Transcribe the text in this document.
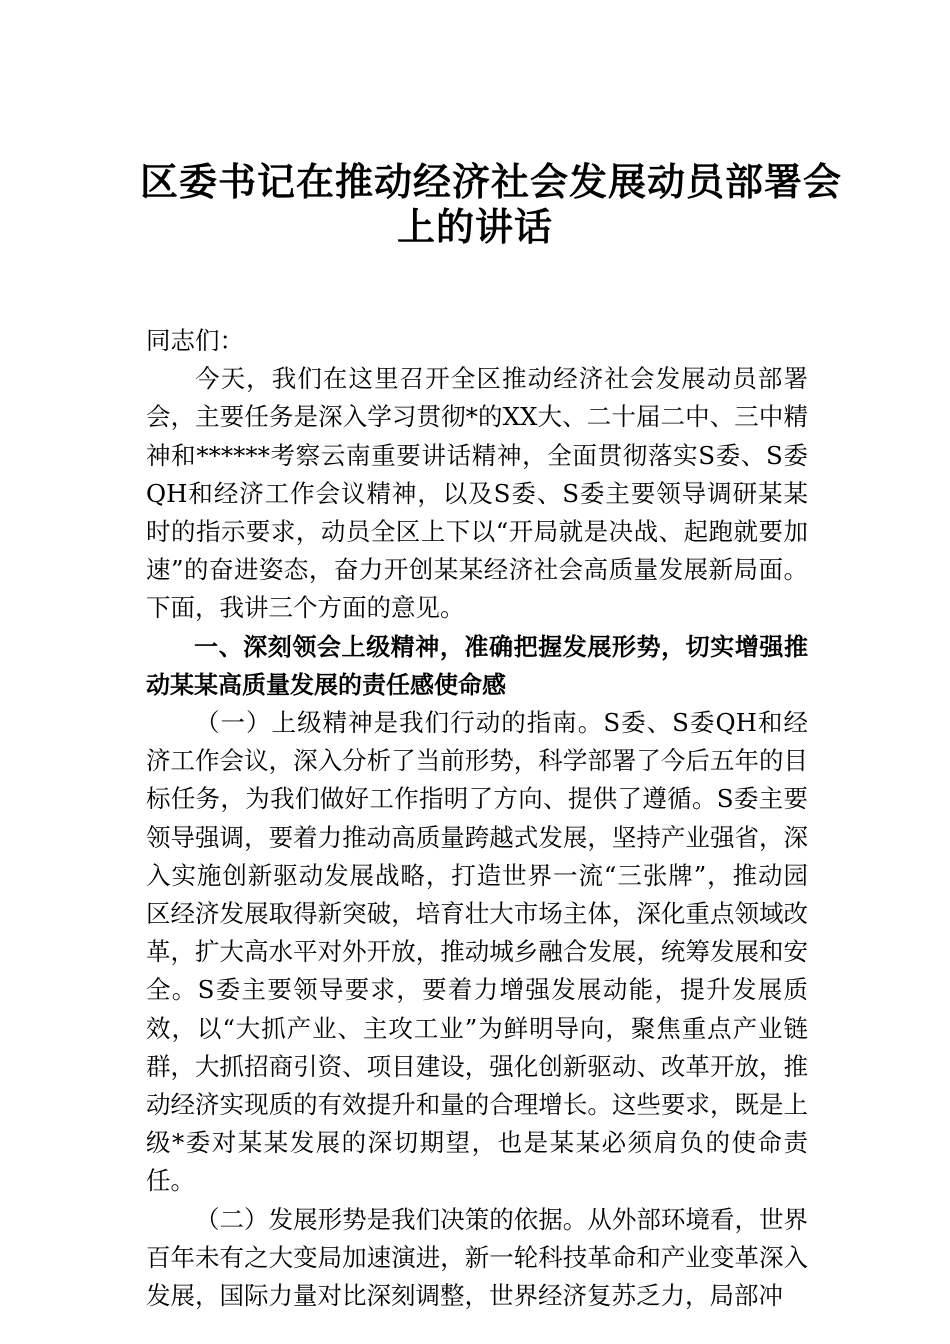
区委书记在推动经济社会发展动员部署会
上的讲话

同志们：

今天，我们在这里召开全区推动经济社会发展动员部署会，主要任务是深入学习贯彻*的XX大、二十届二中、三中精神和******考察云南重要讲话精神，全面贯彻落实S委、S委QH和经济工作会议精神，以及S委、S委主要领导调研某某时的指示要求，动员全区上下以“开局就是决战、起跑就要加速”的奋进姿态，奋力开创某某经济社会高质量发展新局面。下面，我讲三个方面的意见。

一、深刻领会上级精神，准确把握发展形势，切实增强推动某某高质量发展的责任感使命感

（一）上级精神是我们行动的指南。S委、S委QH和经济工作会议，深入分析了当前形势，科学部署了今后五年的目标任务，为我们做好工作指明了方向、提供了遵循。S委主要领导强调，要着力推动高质量跨越式发展，坚持产业强省，深入实施创新驱动发展战略，打造世界一流“三张牌”，推动园区经济发展取得新突破，培育壮大市场主体，深化重点领域改革，扩大高水平对外开放，推动城乡融合发展，统筹发展和安全。S委主要领导要求，要着力增强发展动能，提升发展质效，以“大抓产业、主攻工业”为鲜明导向，聚焦重点产业链群，大抓招商引资、项目建设，强化创新驱动、改革开放，推动经济实现质的有效提升和量的合理增长。这些要求，既是上级*委对某某发展的深切期望，也是某某必须肩负的使命责任。

（二）发展形势是我们决策的依据。从外部环境看，世界百年未有之大变局加速演进，新一轮科技革命和产业变革深入发展，国际力量对比深刻调整，世界经济复苏乏力，局部冲
